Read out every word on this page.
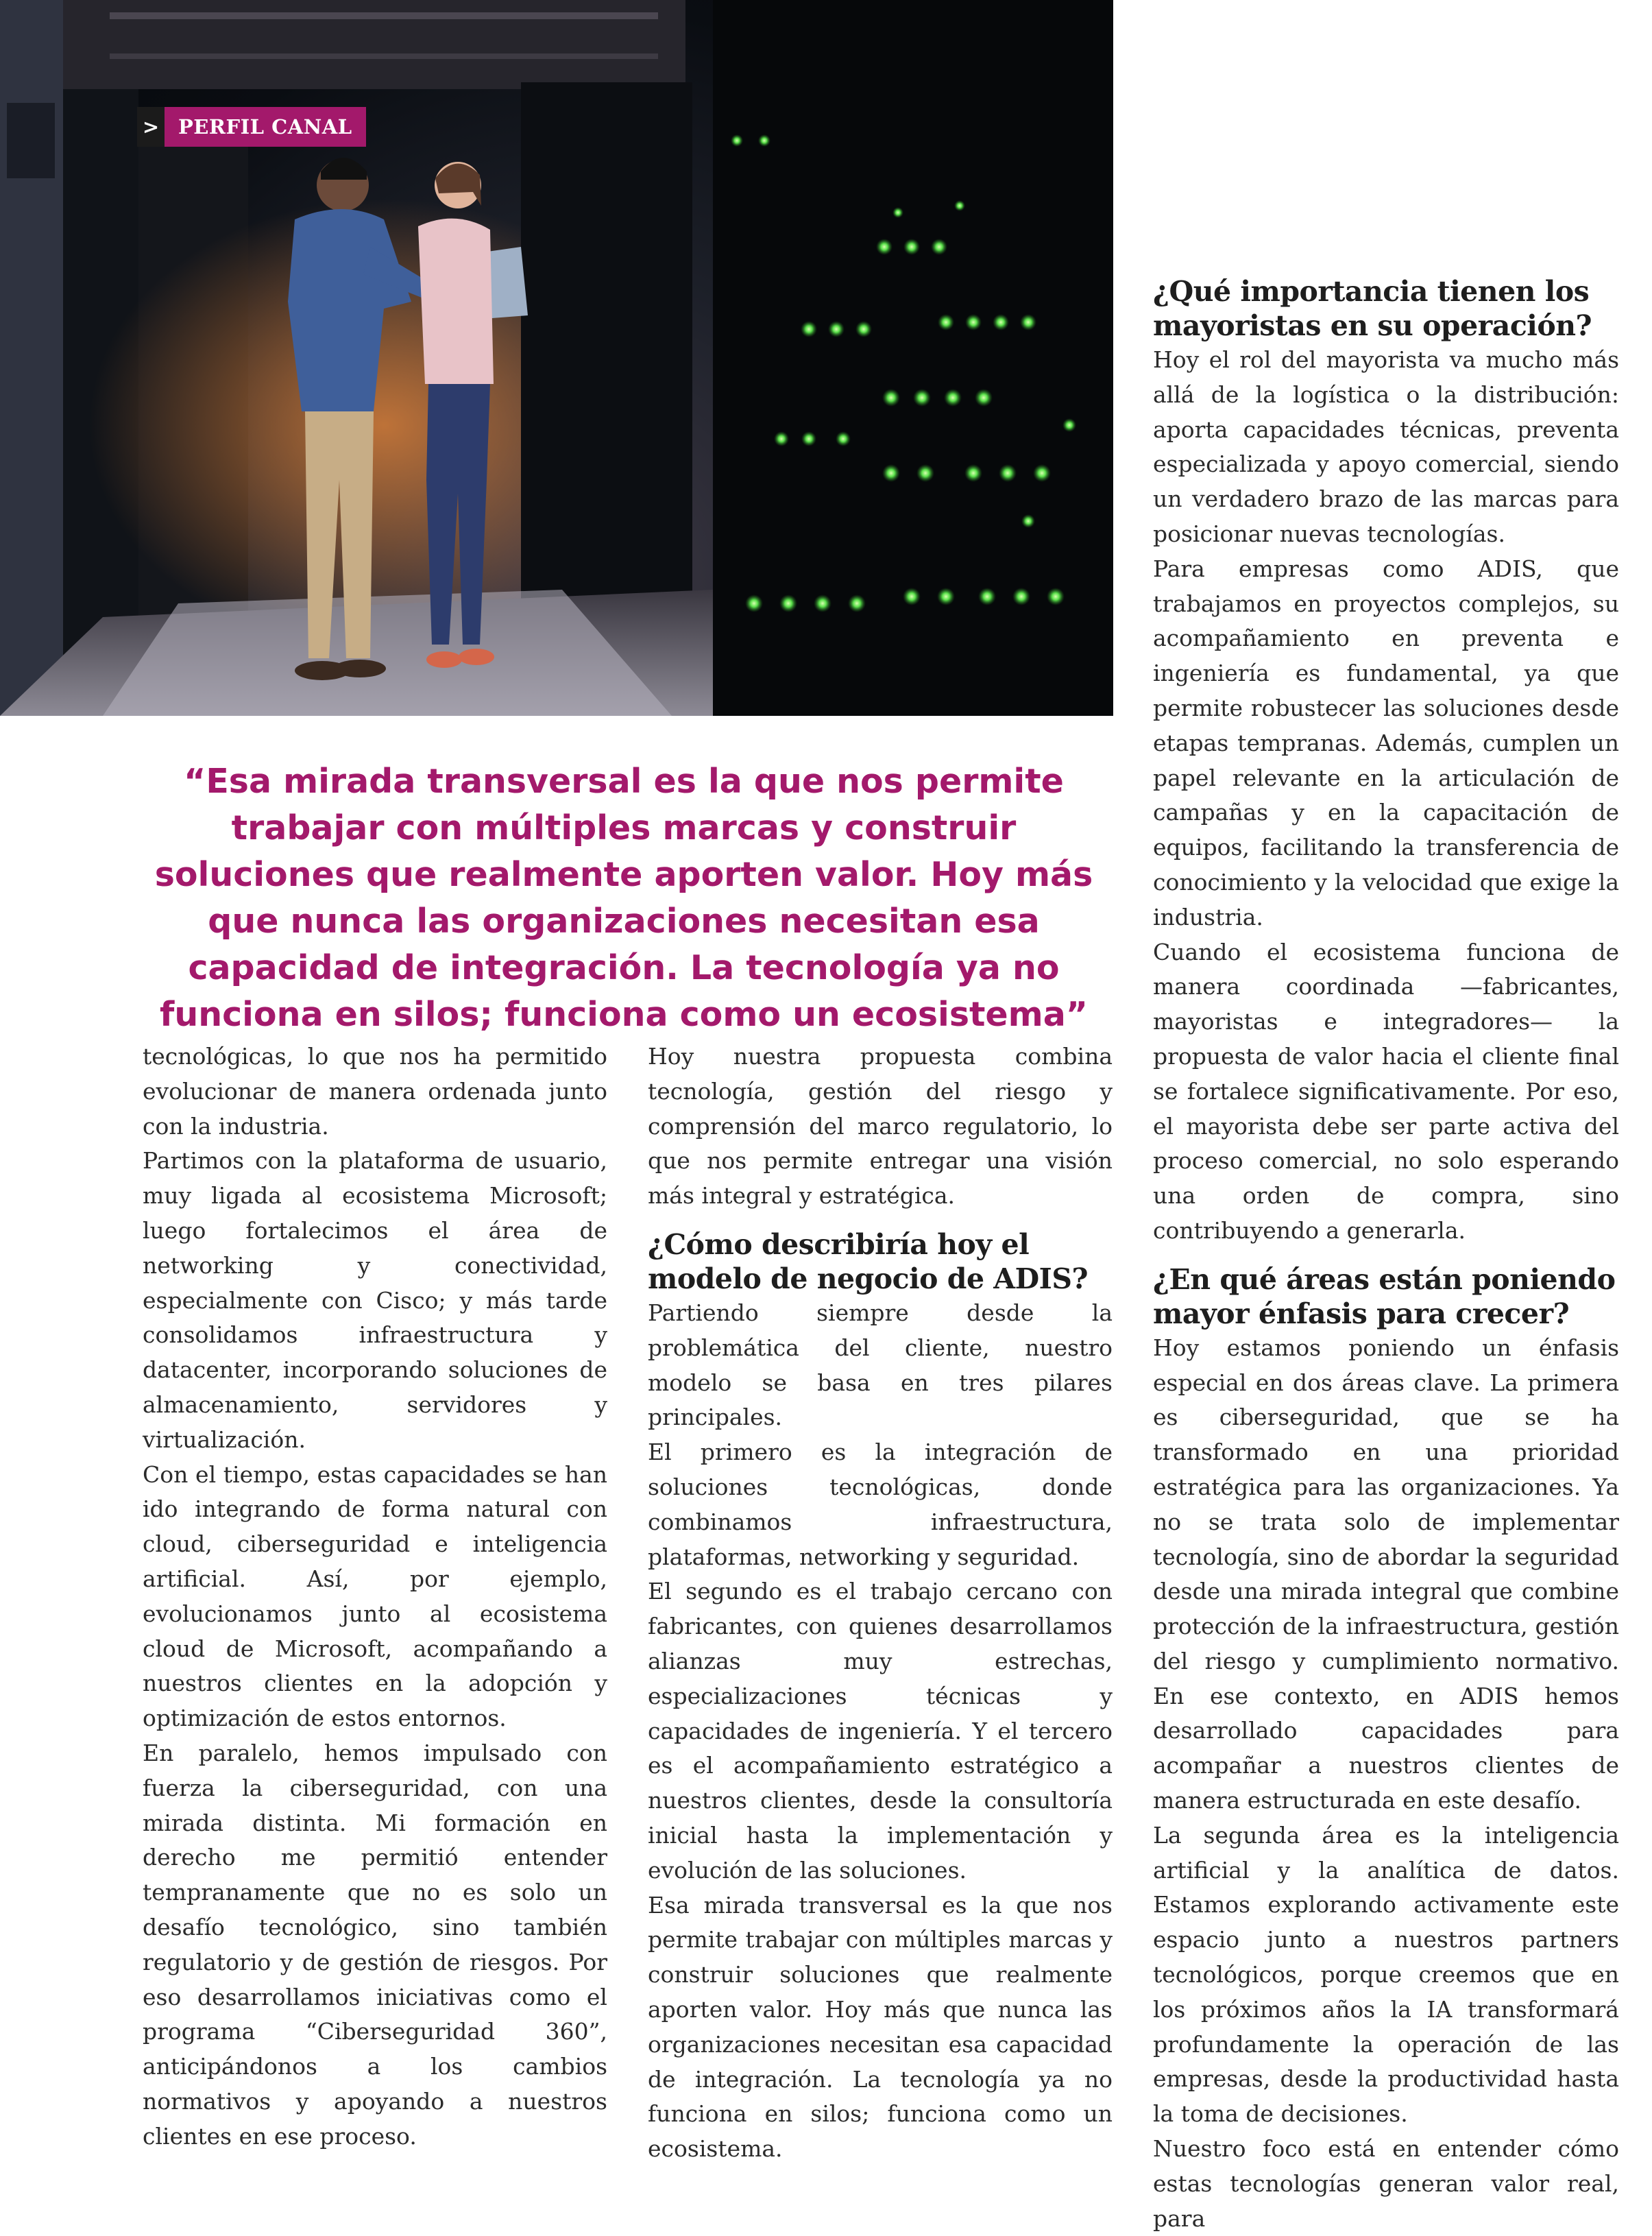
> PERFIL CANAL
“Esa mirada transversal es la que nos permite trabajar con múltiples marcas y construir soluciones que realmente aporten valor. Hoy más que nunca las organizaciones necesitan esa capacidad de integración. La tecnología ya no funciona en silos; funciona como un ecosistema”

tecnológicas, lo que nos ha permitido evolucionar de manera ordenada junto con la industria.

Partimos con la plataforma de usuario, muy ligada al ecosistema Microsoft; luego fortalecimos el área de networking y conectividad, especialmente con Cisco; y más tarde consolidamos infraestructura y datacenter, incorporando soluciones de almacenamiento, servidores y virtualización.

Con el tiempo, estas capacidades se han ido integrando de forma natural con cloud, ciberseguridad e inteligencia artificial. Así, por ejemplo, evolucionamos junto al ecosistema cloud de Microsoft, acompañando a nuestros clientes en la adopción y optimización de estos entornos.

En paralelo, hemos impulsado con fuerza la ciberseguridad, con una mirada distinta. Mi formación en derecho me permitió entender tempranamente que no es solo un desafío tecnológico, sino también regulatorio y de gestión de riesgos. Por eso desarrollamos iniciativas como el programa “Ciberseguridad 360”, anticipándonos a los cambios normativos y apoyando a nuestros clientes en ese proceso.

Hoy nuestra propuesta combina tecnología, gestión del riesgo y comprensión del marco regulatorio, lo que nos permite entregar una visión más integral y estratégica.

¿Cómo describiría hoy el modelo de negocio de ADIS?

Partiendo siempre desde la problemática del cliente, nuestro modelo se basa en tres pilares principales.

El primero es la integración de soluciones tecnológicas, donde combinamos infraestructura, plataformas, networking y seguridad.

El segundo es el trabajo cercano con fabricantes, con quienes desarrollamos alianzas muy estrechas, especializaciones técnicas y capacidades de ingeniería. Y el tercero es el acompañamiento estratégico a nuestros clientes, desde la consultoría inicial hasta la implementación y evolución de las soluciones.

Esa mirada transversal es la que nos permite trabajar con múltiples marcas y construir soluciones que realmente aporten valor. Hoy más que nunca las organizaciones necesitan esa capacidad de integración. La tecnología ya no funciona en silos; funciona como un ecosistema.

¿Qué importancia tienen los mayoristas en su operación?

Hoy el rol del mayorista va mucho más allá de la logística o la distribución: aporta capacidades técnicas, preventa especializada y apoyo comercial, siendo un verdadero brazo de las marcas para posicionar nuevas tecnologías.

Para empresas como ADIS, que trabajamos en proyectos complejos, su acompañamiento en preventa e ingeniería es fundamental, ya que permite robustecer las soluciones desde etapas tempranas. Además, cumplen un papel relevante en la articulación de campañas y en la capacitación de equipos, facilitando la transferencia de conocimiento y la velocidad que exige la industria.

Cuando el ecosistema funciona de manera coordinada —fabricantes, mayoristas e integradores— la propuesta de valor hacia el cliente final se fortalece significativamente. Por eso, el mayorista debe ser parte activa del proceso comercial, no solo esperando una orden de compra, sino contribuyendo a generarla.

¿En qué áreas están poniendo mayor énfasis para crecer?

Hoy estamos poniendo un énfasis especial en dos áreas clave. La primera es ciberseguridad, que se ha transformado en una prioridad estratégica para las organizaciones. Ya no se trata solo de implementar tecnología, sino de abordar la seguridad desde una mirada integral que combine protección de la infraestructura, gestión del riesgo y cumplimiento normativo. En ese contexto, en ADIS hemos desarrollado capacidades para acompañar a nuestros clientes de manera estructurada en este desafío.

La segunda área es la inteligencia artificial y la analítica de datos. Estamos explorando activamente este espacio junto a nuestros partners tecnológicos, porque creemos que en los próximos años la IA transformará profundamente la operación de las empresas, desde la productividad hasta la toma de decisiones.

Nuestro foco está en entender cómo estas tecnologías generan valor real, para
